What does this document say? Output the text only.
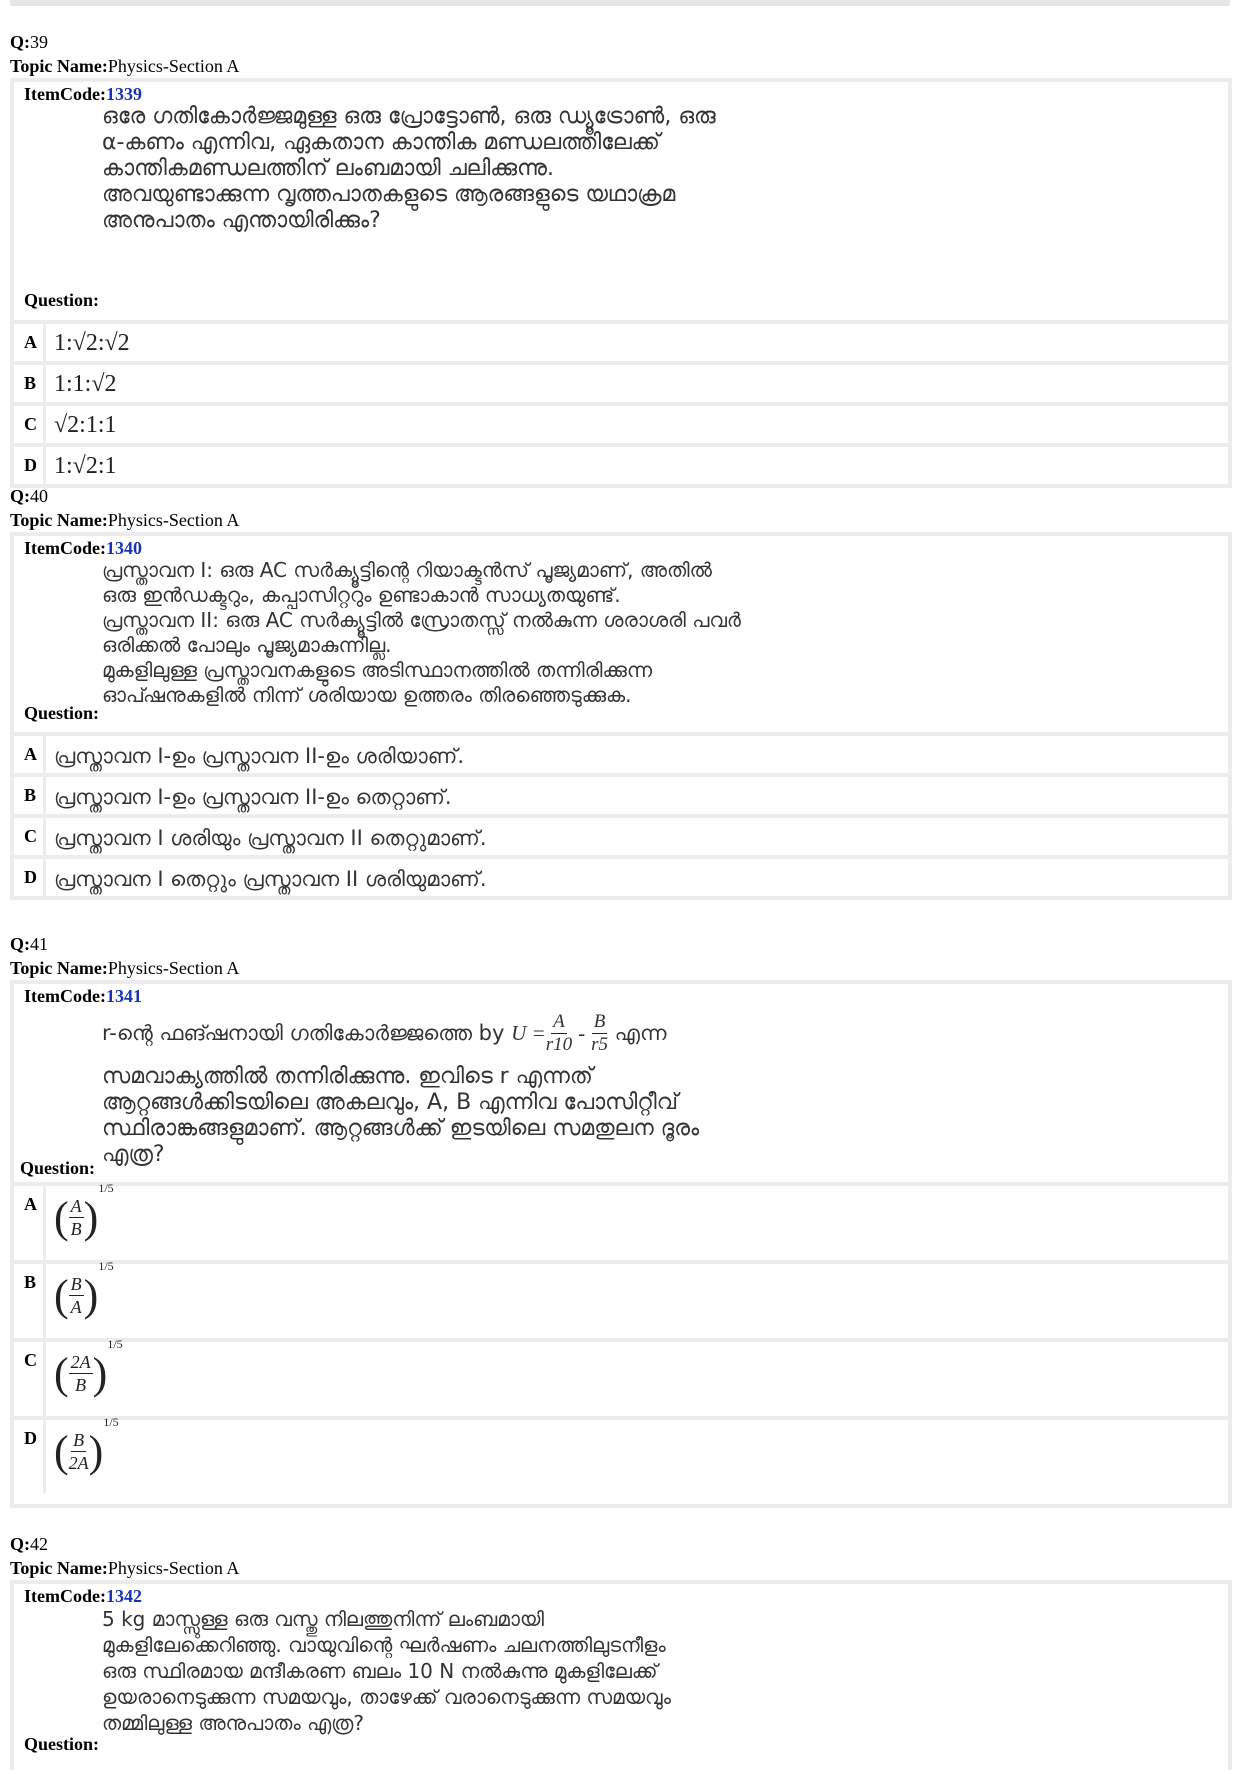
Q:39
Topic Name:Physics-Section A
ItemCode:1339
ഒരേ ഗതികോർജ്ജമുള്ള ഒരു പ്രോട്ടോൺ, ഒരു ഡ്യൂട്രോൺ, ഒരു
α-കണം എന്നിവ, ഏകതാന കാന്തിക മണ്ഡലത്തിലേക്ക്
കാന്തികമണ്ഡലത്തിന് ലംബമായി ചലിക്കുന്നു.
അവയുണ്ടാക്കുന്ന വൃത്തപാതകളുടെ ആരങ്ങളുടെ യഥാക്രമ
അനുപാതം എന്തായിരിക്കും?
Question:
A 1:√2:√2
B 1:1:√2
C √2:1:1
D 1:√2:1
Q:40
Topic Name:Physics-Section A
ItemCode:1340
പ്രസ്താവന I: ഒരു AC സർക്യൂട്ടിന്റെ റിയാക്ടൻസ് പൂജ്യമാണ്, അതിൽ
ഒരു ഇൻഡക്ടറും, കപ്പാസിറ്ററും ഉണ്ടാകാൻ സാധ്യതയുണ്ട്.
പ്രസ്താവന II: ഒരു AC സർക്യൂട്ടിൽ സ്രോതസ്സ് നൽകുന്ന ശരാശരി പവർ
ഒരിക്കൽ പോലും പൂജ്യമാകുന്നില്ല.
മുകളിലുള്ള പ്രസ്താവനകളുടെ അടിസ്ഥാനത്തിൽ തന്നിരിക്കുന്ന
ഓപ്ഷനുകളിൽ നിന്ന് ശരിയായ ഉത്തരം തിരഞ്ഞെടുക്കുക.
Question:
A പ്രസ്താവന I-ഉം പ്രസ്താവന II-ഉം ശരിയാണ്.
B പ്രസ്താവന I-ഉം പ്രസ്താവന II-ഉം തെറ്റാണ്.
C പ്രസ്താവന I ശരിയും പ്രസ്താവന II തെറ്റുമാണ്.
D പ്രസ്താവന I തെറ്റും പ്രസ്താവന II ശരിയുമാണ്.
Q:41
Topic Name:Physics-Section A
ItemCode:1341
r-ന്റെ ഫങ്ഷനായി ഗതികോർജ്ജത്തെ by $U = \frac{A}{r10} - \frac{B}{r5}$ എന്ന
സമവാക്യത്തിൽ തന്നിരിക്കുന്നു. ഇവിടെ r എന്നത്
ആറ്റങ്ങൾക്കിടയിലെ അകലവും, A, B എന്നിവ പോസിറ്റീവ്
സ്ഥിരാങ്കങ്ങളുമാണ്. ആറ്റങ്ങൾക്ക് ഇടയിലെ സമതുലന ദൂരം
എത്ര?
Question:
A ( $\frac{A}{B} )^{1/5}$
B ( $\frac{B}{A} )^{1/5}$
C ( $\frac{2A}{B} )^{1/5}$
D ( $\frac{B}{2A} )^{1/5}$
Q:42
Topic Name:Physics-Section A
ItemCode:1342
5 kg മാസ്സുള്ള ഒരു വസ്തു നിലത്തുനിന്ന് ലംബമായി
മുകളിലേക്കെറിഞ്ഞു. വായുവിന്റെ ഘർഷണം ചലനത്തിലുടനീളം
ഒരു സ്ഥിരമായ മന്ദീകരണ ബലം 10 N നൽകുന്നു മുകളിലേക്ക്
ഉയരാനെടുക്കുന്ന സമയവും, താഴേക്ക് വരാനെടുക്കുന്ന സമയവും
തമ്മിലുള്ള അനുപാതം എത്ര?
Question:
